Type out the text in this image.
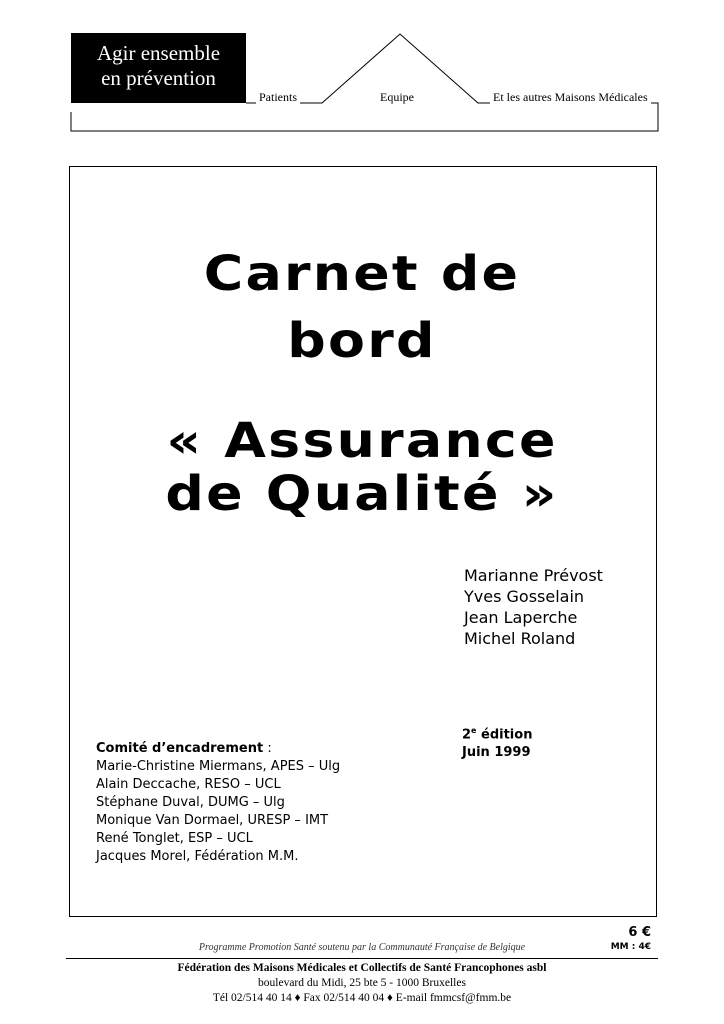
Agir ensemble
en prévention
Patients	Equipe	Et les autres Maisons Médicales
Carnet de
bord
« Assurance
de Qualité »
Marianne Prévost
Yves Gosselain
Jean Laperche
Michel Roland
2e édition
Juin 1999
Comité d’encadrement :
Marie-Christine Miermans, APES – Ulg
Alain Deccache, RESO – UCL
Stéphane Duval, DUMG – Ulg
Monique Van Dormael, URESP – IMT
René Tonglet, ESP – UCL
Jacques Morel, Fédération M.M.
6 €
MM : 4€
Programme Promotion Santé soutenu par la Communauté Française de Belgique
Fédération des Maisons Médicales et Collectifs de Santé Francophones asbl
boulevard du Midi, 25 bte 5 - 1000 Bruxelles
Tél 02/514 40 14 ♦ Fax 02/514 40 04 ♦ E-mail fmmcsf@fmm.be
